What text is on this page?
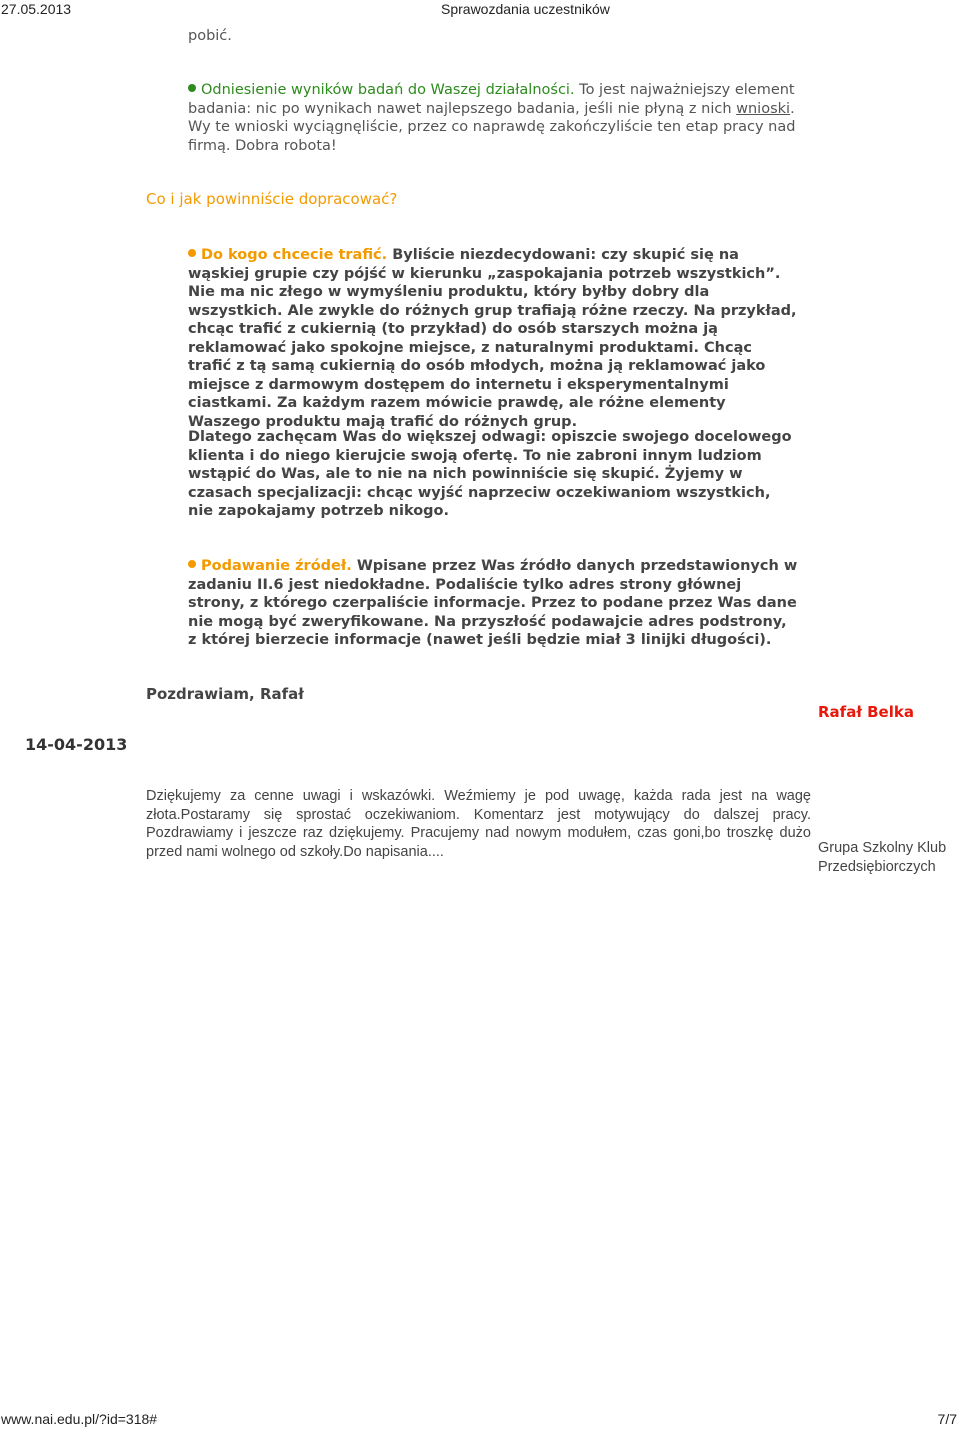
27.05.2013	Sprawozdania uczestników
pobić.
Odniesienie wyników badań do Waszej działalności. To jest najważniejszy element badania: nic po wynikach nawet najlepszego badania, jeśli nie płyną z nich wnioski. Wy te wnioski wyciągnęliście, przez co naprawdę zakończyliście ten etap pracy nad firmą. Dobra robota!
Co i jak powinniście dopracować?
Do kogo chcecie trafić. Byliście niezdecydowani: czy skupić się na wąskiej grupie czy pójść w kierunku „zaspokajania potrzeb wszystkich”. Nie ma nic złego w wymyśleniu produktu, który byłby dobry dla wszystkich. Ale zwykle do różnych grup trafiają różne rzeczy. Na przykład, chcąc trafić z cukiernią (to przykład) do osób starszych można ją reklamować jako spokojne miejsce, z naturalnymi produktami. Chcąc trafić z tą samą cukiernią do osób młodych, można ją reklamować jako miejsce z darmowym dostępem do internetu i eksperymentalnymi ciastkami. Za każdym razem mówicie prawdę, ale różne elementy Waszego produktu mają trafić do różnych grup.
Dlatego zachęcam Was do większej odwagi: opiszcie swojego docelowego klienta i do niego kierujcie swoją ofertę. To nie zabroni innym ludziom wstąpić do Was, ale to nie na nich powinniście się skupić. Żyjemy w czasach specjalizacji: chcąc wyjść naprzeciw oczekiwaniom wszystkich, nie zapokajamy potrzeb nikogo.
Podawanie źródeł. Wpisane przez Was źródło danych przedstawionych w zadaniu II.6 jest niedokładne. Podaliście tylko adres strony głównej strony, z którego czerpaliście informacje. Przez to podane przez Was dane nie mogą być zweryfikowane. Na przyszłość podawajcie adres podstrony, z której bierzecie informacje (nawet jeśli będzie miał 3 linijki długości).
Pozdrawiam, Rafał
14-04-2013
Rafał Belka
Dziękujemy za cenne uwagi i wskazówki. Weźmiemy je pod uwagę, każda rada jest na wagę złota.Postaramy się sprostać oczekiwaniom. Komentarz jest motywujący do dalszej pracy. Pozdrawiamy i jeszcze raz dziękujemy. Pracujemy nad nowym modułem, czas goni,bo troszkę dużo przed nami wolnego od szkoły.Do napisania....	Grupa Szkolny Klub Przedsiębiorczych
www.nai.edu.pl/?id=318#	7/7
